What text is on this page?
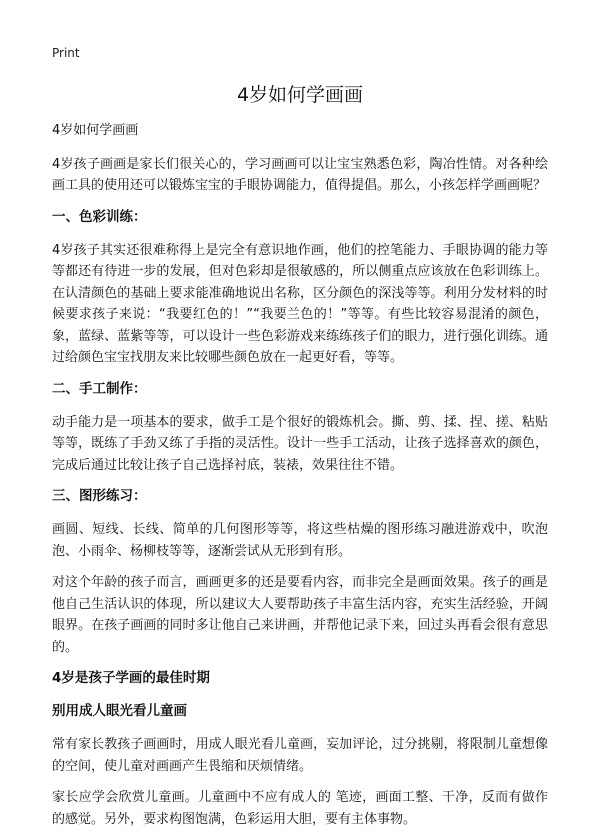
Print
4岁如何学画画

4岁如何学画画

4岁孩子画画是家长们很关心的，学习画画可以让宝宝熟悉色彩，陶冶性情。对各种绘画工具的使用还可以锻炼宝宝的手眼协调能力，值得提倡。那么，小孩怎样学画画呢？

一、色彩训练：

4岁孩子其实还很难称得上是完全有意识地作画，他们的控笔能力、手眼协调的能力等等都还有待进一步的发展，但对色彩却是很敏感的，所以侧重点应该放在色彩训练上。在认清颜色的基础上要求能准确地说出名称，区分颜色的深浅等等。利用分发材料的时候要求孩子来说：“我要红色的！”“我要兰色的！”等等。有些比较容易混淆的颜色，象，蓝绿、蓝紫等等，可以设计一些色彩游戏来练练孩子们的眼力，进行强化训练。通过给颜色宝宝找朋友来比较哪些颜色放在一起更好看，等等。

二、手工制作：

动手能力是一项基本的要求，做手工是个很好的锻炼机会。撕、剪、揉、捏、搓、粘贴等等，既练了手劲又练了手指的灵活性。设计一些手工活动，让孩子选择喜欢的颜色，完成后通过比较让孩子自己选择衬底，装裱，效果往往不错。

三、图形练习：

画圆、短线、长线、简单的几何图形等等，将这些枯燥的图形练习融进游戏中，吹泡泡、小雨伞、杨柳枝等等，逐渐尝试从无形到有形。

对这个年龄的孩子而言，画画更多的还是要看内容，而非完全是画面效果。孩子的画是他自己生活认识的体现，所以建议大人要帮助孩子丰富生活内容，充实生活经验，开阔眼界。在孩子画画的同时多让他自己来讲画，并帮他记录下来，回过头再看会很有意思的。

4岁是孩子学画的最佳时期
别用成人眼光看儿童画

常有家长教孩子画画时，用成人眼光看儿童画，妄加评论，过分挑剔，将限制儿童想像的空间，使儿童对画画产生畏缩和厌烦情绪。

家长应学会欣赏儿童画。儿童画中不应有成人的 笔迹，画面工整、干净，反而有做作的感觉。另外，要求构图饱满，色彩运用大胆，要有主体事物。
